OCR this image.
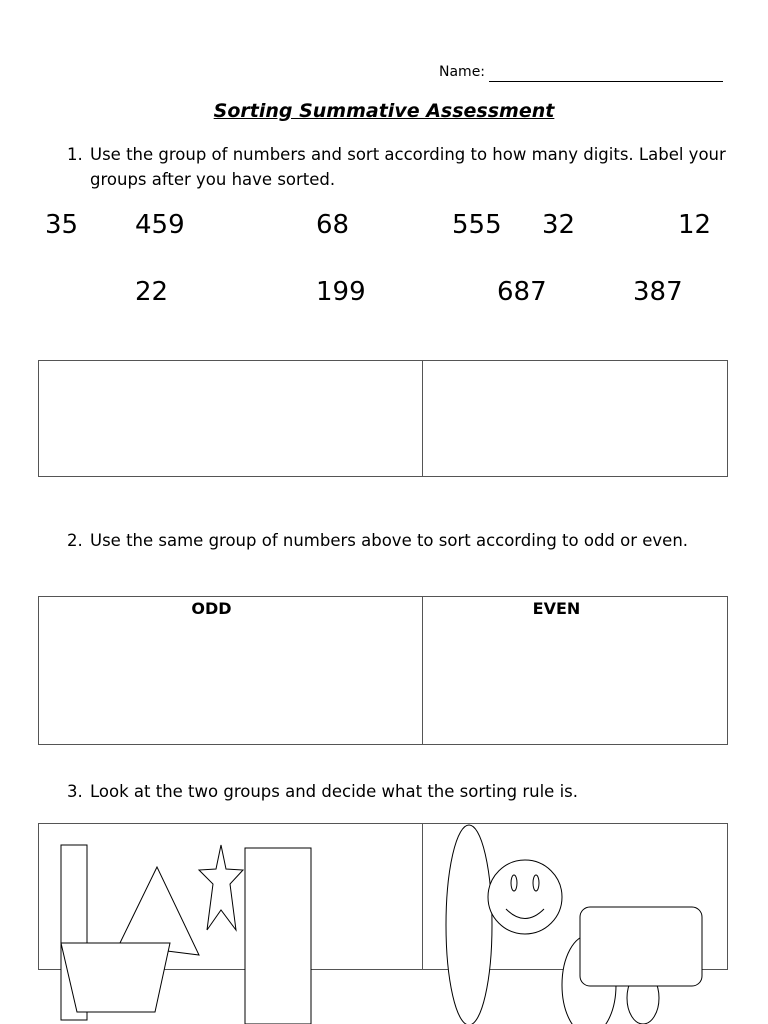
Name:
Sorting Summative Assessment
1. Use the group of numbers and sort according to how many digits. Label your groups after you have sorted.
35 459	68	555 32	12
22	199	687	387
2. Use the same group of numbers above to sort according to odd or even.
ODD	EVEN
3. Look at the two groups and decide what the sorting rule is.
